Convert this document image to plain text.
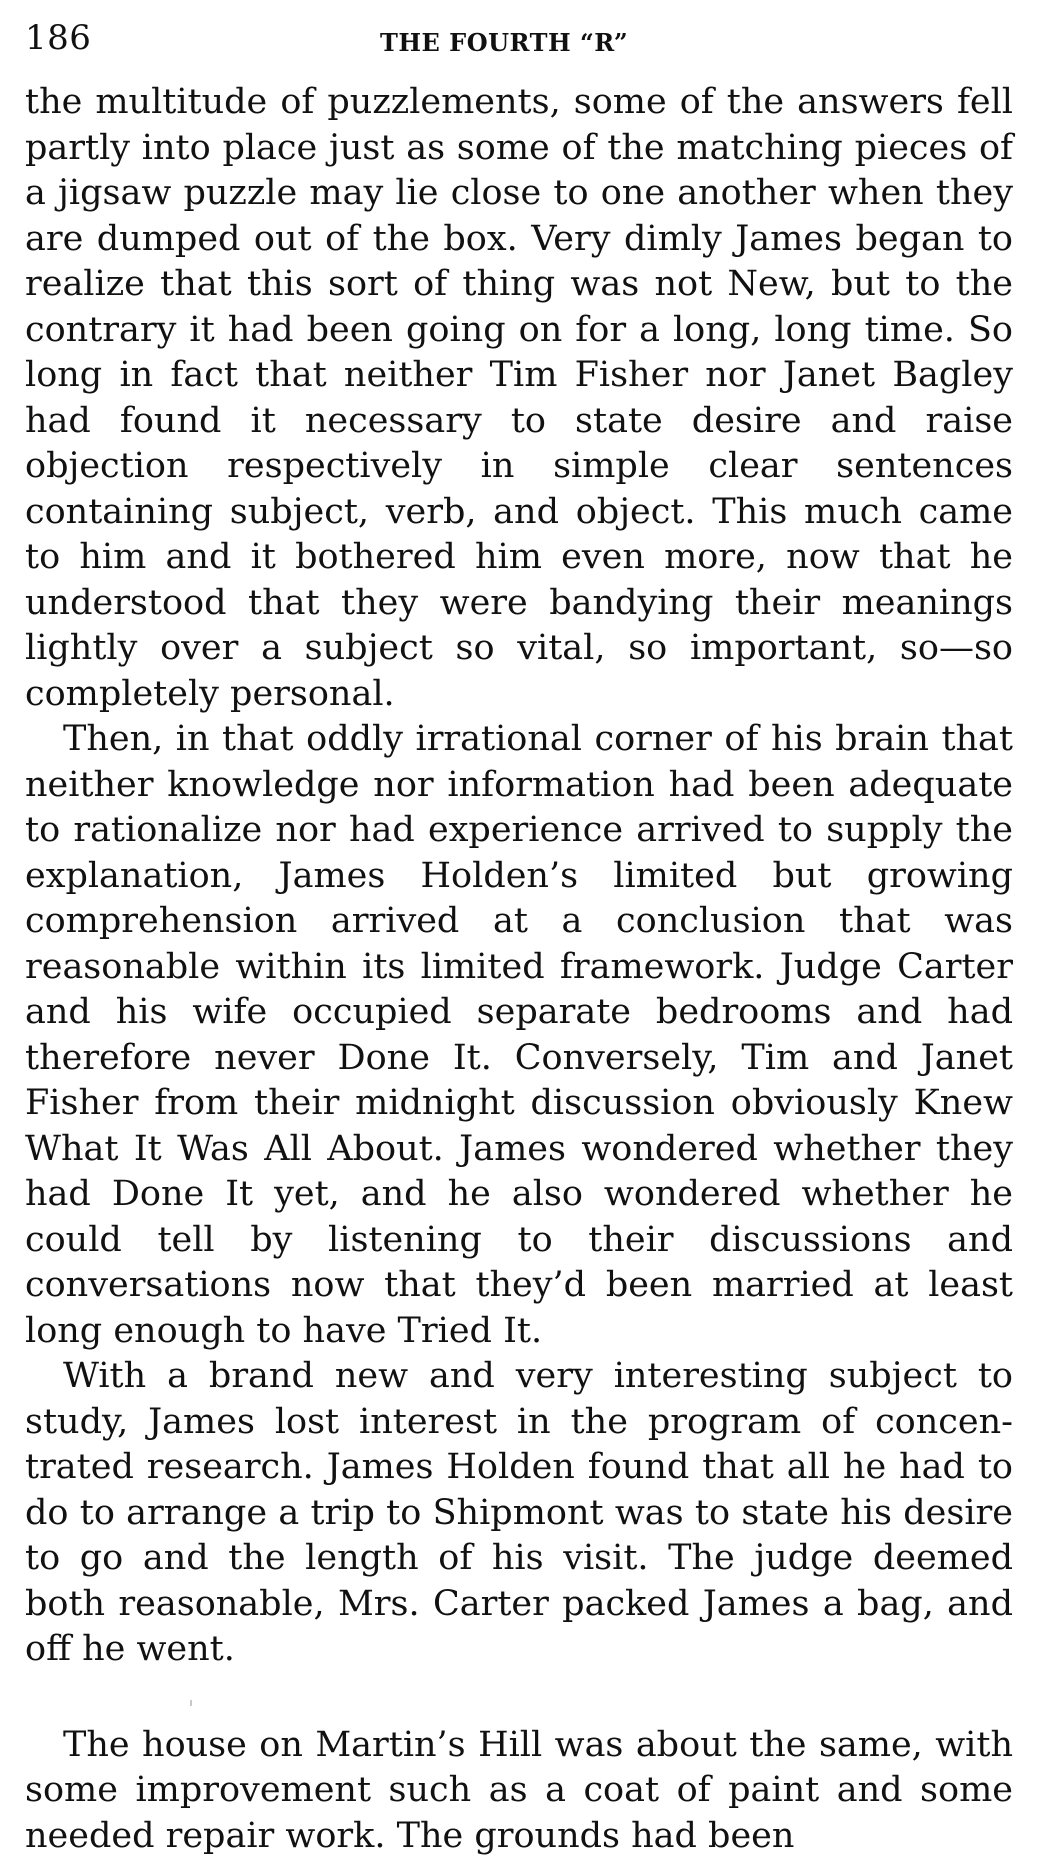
186	THE FOURTH “R”

the multitude of puzzlements, some of the answers fell partly into place just as some of the matching pieces of a jigsaw puzzle may lie close to one another when they are dumped out of the box. Very dimly James began to realize that this sort of thing was not New, but to the contrary it had been going on for a long, long time. So long in fact that neither Tim Fisher nor Janet Bagley had found it necessary to state desire and raise objection respectively in simple clear sentences containing subject, verb, and object. This much came to him and it bothered him even more, now that he understood that they were bandying their meanings lightly over a subject so vital, so important, so—so completely personal.

Then, in that oddly irrational corner of his brain that neither knowledge nor information had been adequate to rationalize nor had experience arrived to supply the explanation, James Holden’s limited but growing comprehension arrived at a conclusion that was reasonable within its limited framework. Judge Carter and his wife occupied separate bedrooms and had therefore never Done It. Conversely, Tim and Janet Fisher from their midnight discussion obviously Knew What It Was All About. James wondered whether they had Done It yet, and he also wondered whether he could tell by listening to their discussions and conversations now that they’d been married at least long enough to have Tried It.

With a brand new and very interesting subject to study, James lost interest in the program of concentrated research. James Holden found that all he had to do to arrange a trip to Shipmont was to state his desire to go and the length of his visit. The judge deemed both reasonable, Mrs. Carter packed James a bag, and off he went.

The house on Martin’s Hill was about the same, with some improvement such as a coat of paint and some needed repair work. The grounds had been
